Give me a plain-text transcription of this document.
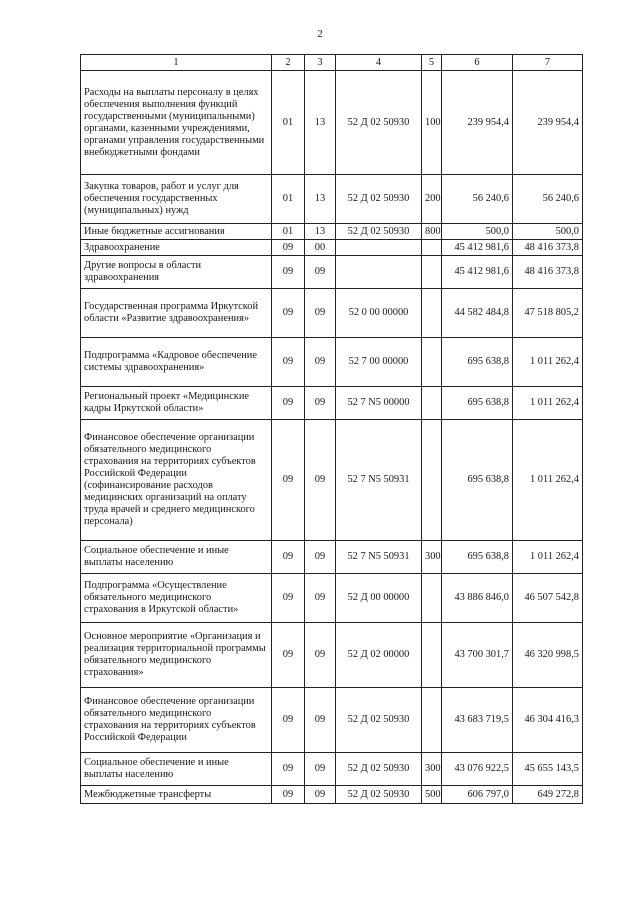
2
1	2	3	4	5	6	7
Расходы на выплаты персоналу в целях обеспечения выполнения функций государственными (муниципальными) органами, казенными учреждениями, органами управления государственными внебюджетными фондами	01	13	52 Д 02 50930	100	239 954,4	239 954,4
Закупка товаров, работ и услуг для обеспечения государственных (муниципальных) нужд	01	13	52 Д 02 50930	200	56 240,6	56 240,6
Иные бюджетные ассигнования	01	13	52 Д 02 50930	800	500,0	500,0
Здравоохранение	09	00			45 412 981,6	48 416 373,8
Другие вопросы в области здравоохранения	09	09			45 412 981,6	48 416 373,8
Государственная программа Иркутской области «Развитие здравоохранения»	09	09	52 0 00 00000		44 582 484,8	47 518 805,2
Подпрограмма «Кадровое обеспечение системы здравоохранения»	09	09	52 7 00 00000		695 638,8	1 011 262,4
Региональный проект «Медицинские кадры Иркутской области»	09	09	52 7 N5 00000		695 638,8	1 011 262,4
Финансовое обеспечение организации обязательного медицинского страхования на территориях субъектов Российской Федерации (софинансирование расходов медицинских организаций на оплату труда врачей и среднего медицинского персонала)	09	09	52 7 N5 50931		695 638,8	1 011 262,4
Социальное обеспечение и иные выплаты населению	09	09	52 7 N5 50931	300	695 638,8	1 011 262,4
Подпрограмма «Осуществление обязательного медицинского страхования в Иркутской области»	09	09	52 Д 00 00000		43 886 846,0	46 507 542,8
Основное мероприятие «Организация и реализация территориальной программы обязательного медицинского страхования»	09	09	52 Д 02 00000		43 700 301,7	46 320 998,5
Финансовое обеспечение организации обязательного медицинского страхования на территориях субъектов Российской Федерации	09	09	52 Д 02 50930		43 683 719,5	46 304 416,3
Социальное обеспечение и иные выплаты населению	09	09	52 Д 02 50930	300	43 076 922,5	45 655 143,5
Межбюджетные трансферты	09	09	52 Д 02 50930	500	606 797,0	649 272,8
